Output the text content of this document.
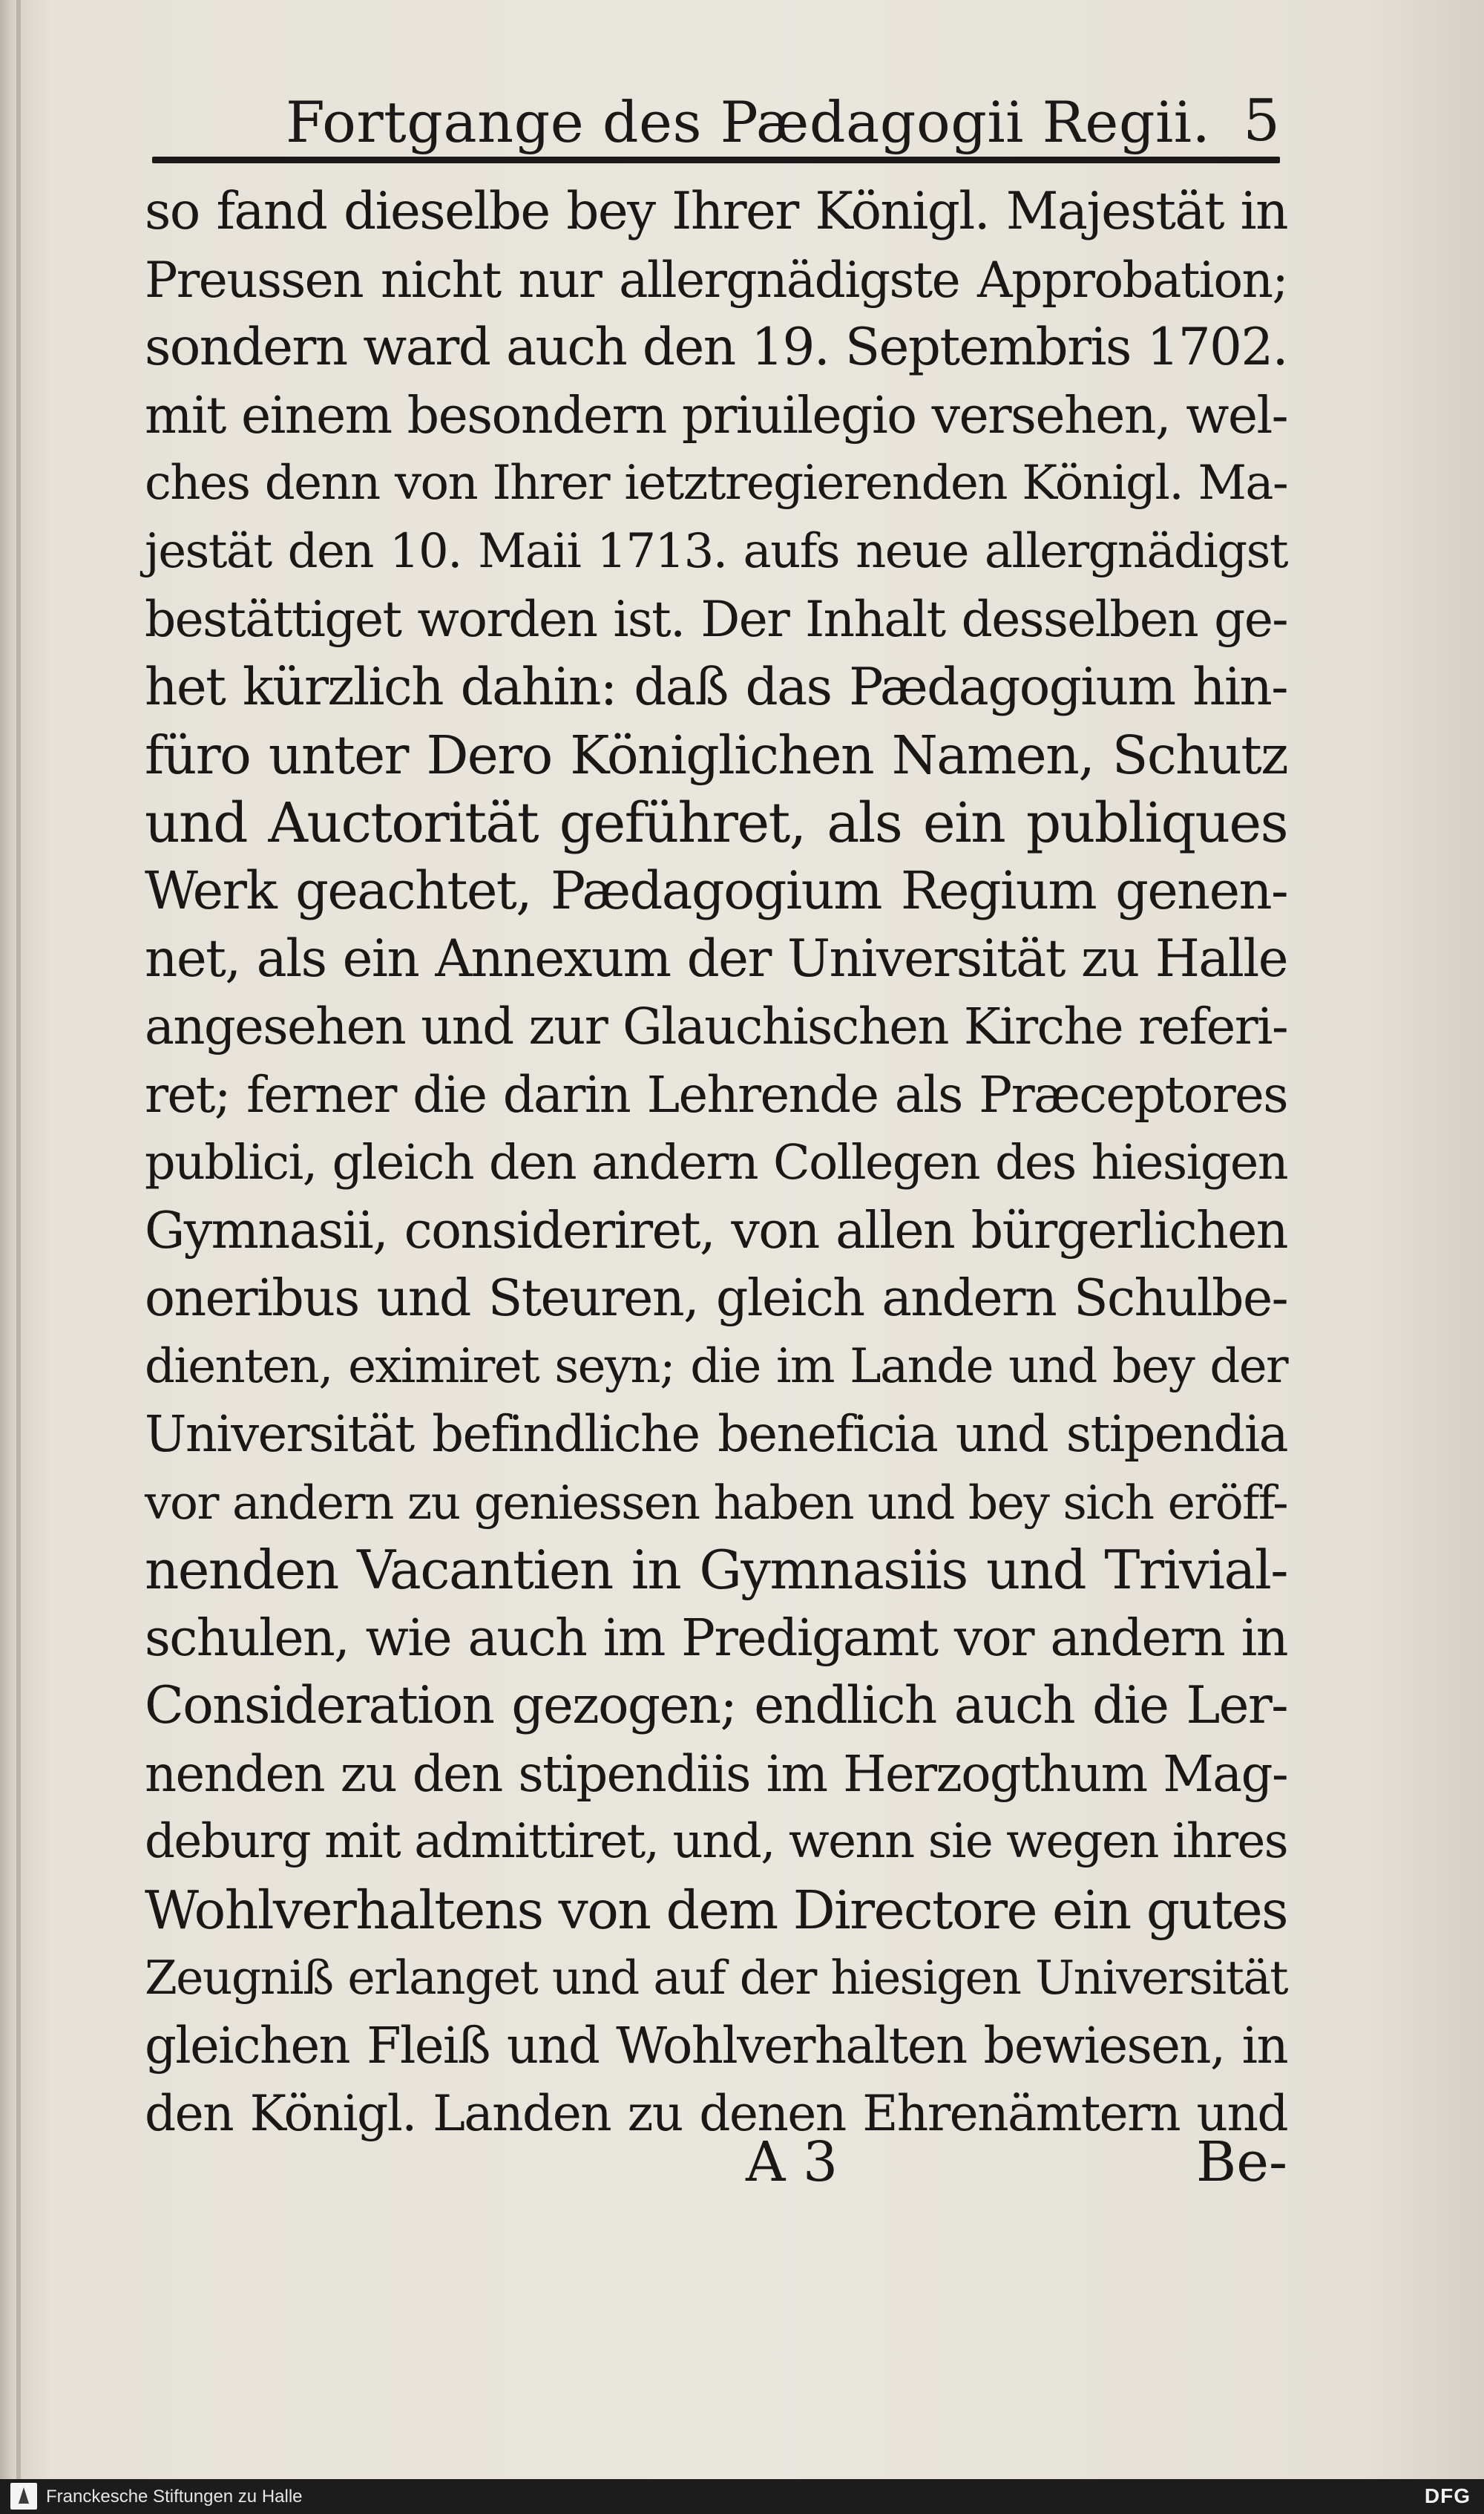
Fortgange des Pædagogii Regii. 5
so fand dieselbe bey Ihrer Königl. Majestät in
Preussen nicht nur allergnädigste Approbation;
sondern ward auch den 19. Septembris 1702.
mit einem besondern priuilegio versehen, wel-
ches denn von Ihrer ietztregierenden Königl. Ma-
jestät den 10. Maii 1713. aufs neue allergnädigst
bestättiget worden ist. Der Inhalt desselben ge-
het kürzlich dahin: daß das Pædagogium hin-
füro unter Dero Königlichen Namen, Schutz
und Auctorität geführet, als ein publiques
Werk geachtet, Pædagogium Regium genen-
net, als ein Annexum der Universität zu Halle
angesehen und zur Glauchischen Kirche referi-
ret; ferner die darin Lehrende als Præceptores
publici, gleich den andern Collegen des hiesigen
Gymnasii, consideriret, von allen bürgerlichen
oneribus und Steuren, gleich andern Schulbe-
dienten, eximiret seyn; die im Lande und bey der
Universität befindliche beneficia und stipendia
vor andern zu geniessen haben und bey sich eröff-
nenden Vacantien in Gymnasiis und Trivial-
schulen, wie auch im Predigamt vor andern in
Consideration gezogen; endlich auch die Ler-
nenden zu den stipendiis im Herzogthum Mag-
deburg mit admittiret, und, wenn sie wegen ihres
Wohlverhaltens von dem Directore ein gutes
Zeugniß erlanget und auf der hiesigen Universität
gleichen Fleiß und Wohlverhalten bewiesen, in
den Königl. Landen zu denen Ehrenämtern und
A 3	Be-
Franckesche Stiftungen zu Halle	DFG
